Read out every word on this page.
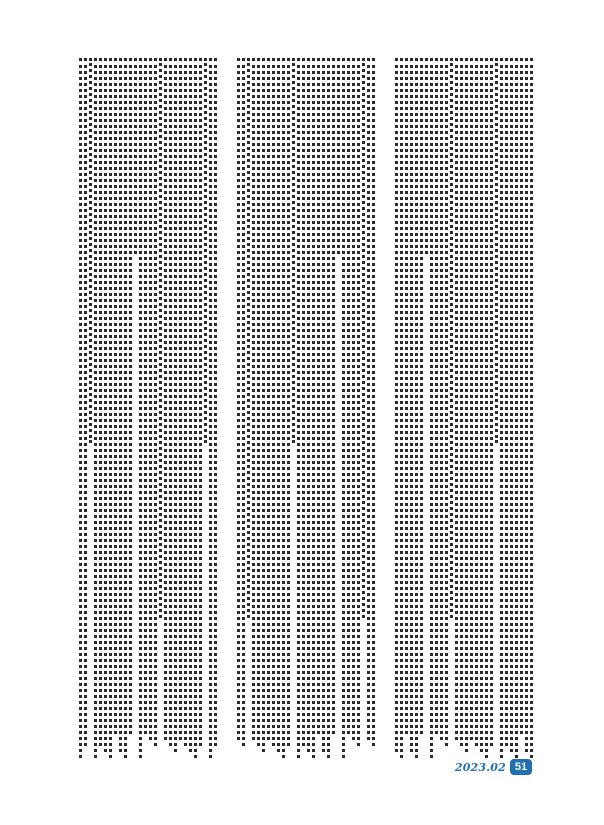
2023.02 51
